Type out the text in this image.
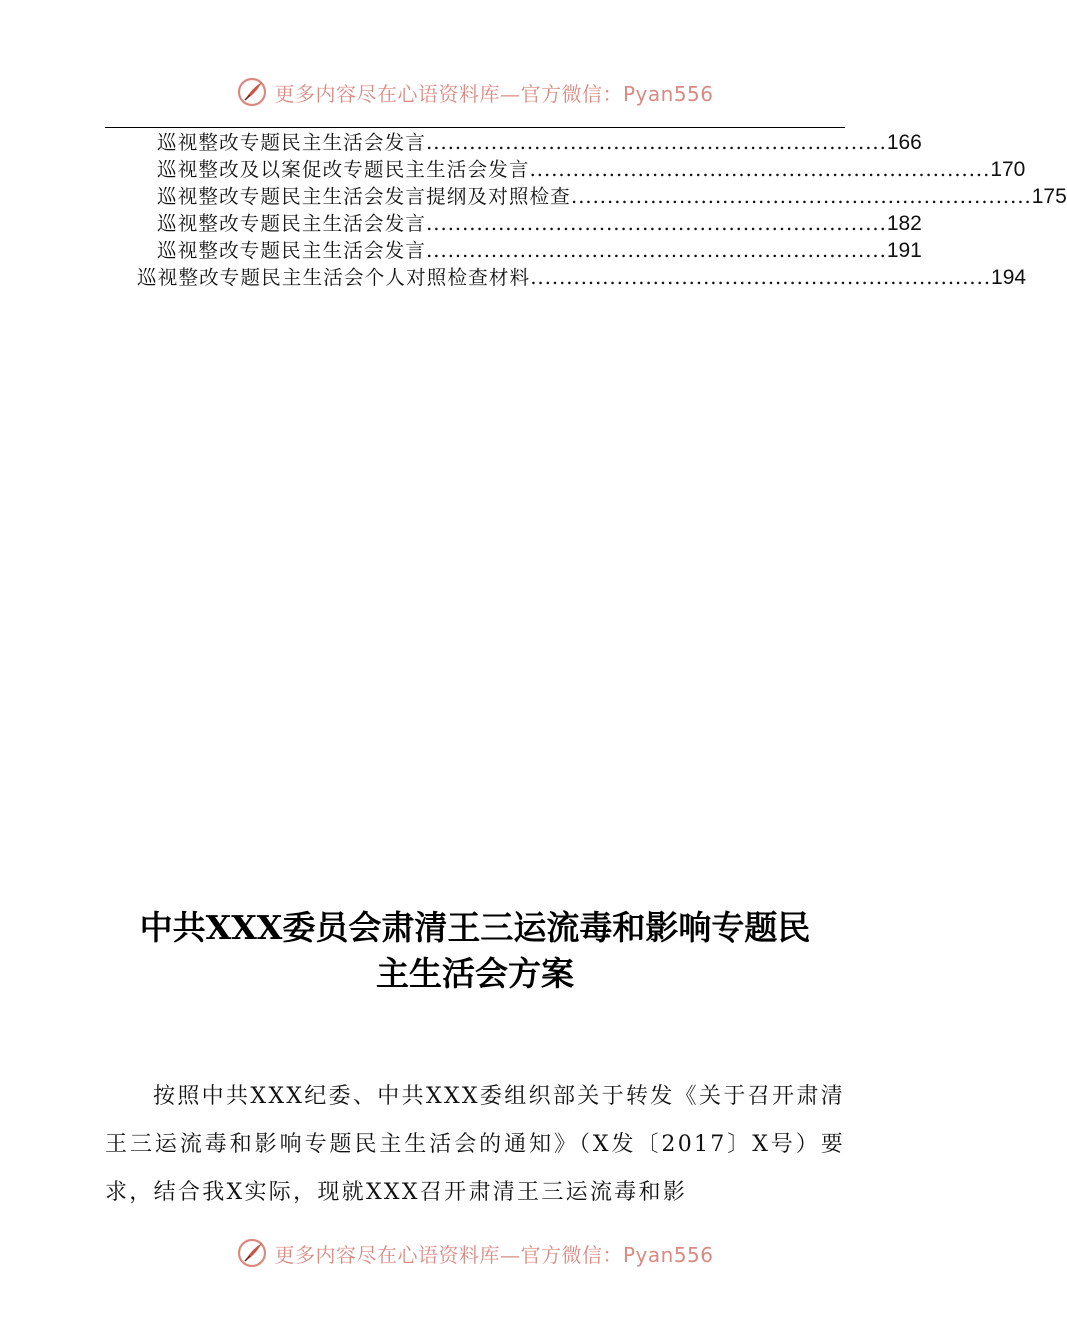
更多内容尽在心语资料库—官方微信：Pyan556
巡视整改专题民主生活会发言 ................................................................ 166
巡视整改及以案促改专题民主生活会发言 ................................................................ 170
巡视整改专题民主生活会发言提纲及对照检查 ................................................................ 175
巡视整改专题民主生活会发言 ................................................................ 182
巡视整改专题民主生活会发言 ................................................................ 191
巡视整改专题民主生活会个人对照检查材料 ................................................................ 194
中共XXX委员会肃清王三运流毒和影响专题民
主生活会方案

按照中共XXX纪委、中共XXX委组织部关于转发《关于召开肃清王三运流毒和影响专题民主生活会的通知》（X发〔2017〕X号）要求，结合我X实际，现就XXX召开肃清王三运流毒和影

更多内容尽在心语资料库—官方微信：Pyan556
